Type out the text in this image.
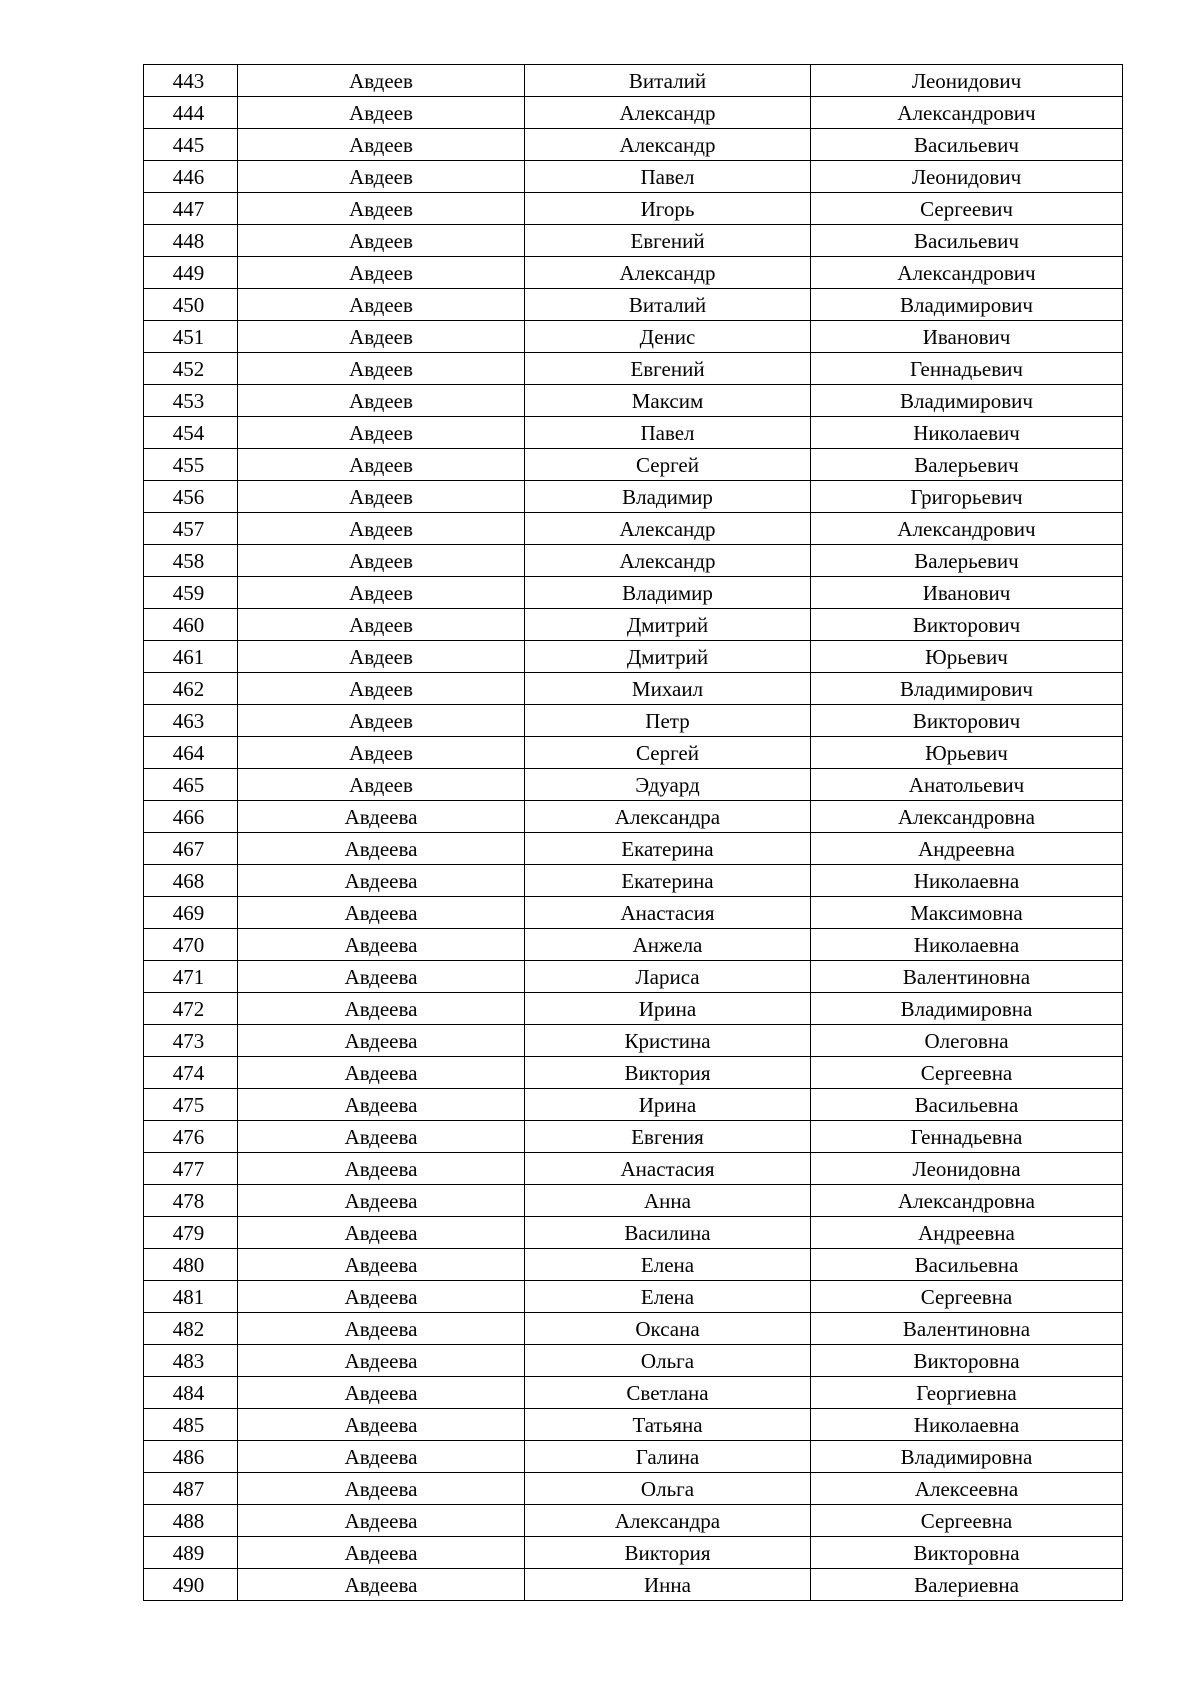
443	Авдеев	Виталий	Леонидович
444	Авдеев	Александр	Александрович
445	Авдеев	Александр	Васильевич
446	Авдеев	Павел	Леонидович
447	Авдеев	Игорь	Сергеевич
448	Авдеев	Евгений	Васильевич
449	Авдеев	Александр	Александрович
450	Авдеев	Виталий	Владимирович
451	Авдеев	Денис	Иванович
452	Авдеев	Евгений	Геннадьевич
453	Авдеев	Максим	Владимирович
454	Авдеев	Павел	Николаевич
455	Авдеев	Сергей	Валерьевич
456	Авдеев	Владимир	Григорьевич
457	Авдеев	Александр	Александрович
458	Авдеев	Александр	Валерьевич
459	Авдеев	Владимир	Иванович
460	Авдеев	Дмитрий	Викторович
461	Авдеев	Дмитрий	Юрьевич
462	Авдеев	Михаил	Владимирович
463	Авдеев	Петр	Викторович
464	Авдеев	Сергей	Юрьевич
465	Авдеев	Эдуард	Анатольевич
466	Авдеева	Александра	Александровна
467	Авдеева	Екатерина	Андреевна
468	Авдеева	Екатерина	Николаевна
469	Авдеева	Анастасия	Максимовна
470	Авдеева	Анжела	Николаевна
471	Авдеева	Лариса	Валентиновна
472	Авдеева	Ирина	Владимировна
473	Авдеева	Кристина	Олеговна
474	Авдеева	Виктория	Сергеевна
475	Авдеева	Ирина	Васильевна
476	Авдеева	Евгения	Геннадьевна
477	Авдеева	Анастасия	Леонидовна
478	Авдеева	Анна	Александровна
479	Авдеева	Василина	Андреевна
480	Авдеева	Елена	Васильевна
481	Авдеева	Елена	Сергеевна
482	Авдеева	Оксана	Валентиновна
483	Авдеева	Ольга	Викторовна
484	Авдеева	Светлана	Георгиевна
485	Авдеева	Татьяна	Николаевна
486	Авдеева	Галина	Владимировна
487	Авдеева	Ольга	Алексеевна
488	Авдеева	Александра	Сергеевна
489	Авдеева	Виктория	Викторовна
490	Авдеева	Инна	Валериевна
